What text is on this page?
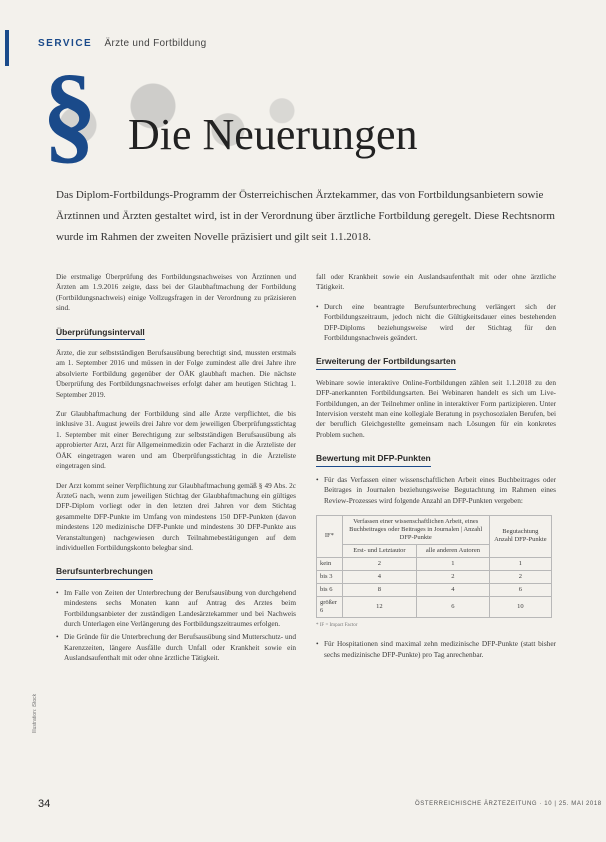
SERVICE Ärzte und Fortbildung
§ Die Neuerungen

Das Diplom-Fortbildungs-Programm der Österreichischen Ärztekammer, das von Fortbildungsanbietern sowie Ärztinnen und Ärzten gestaltet wird, ist in der Verordnung über ärztliche Fortbildung geregelt. Diese Rechtsnorm wurde im Rahmen der zweiten Novelle präzisiert und gilt seit 1.1.2018.

Die erstmalige Überprüfung des Fortbildungsnachweises von Ärztinnen und Ärzten am 1.9.2016 zeigte, dass bei der Glaubhaftmachung der Fortbildung (Fortbildungsnachweis) einige Vollzugsfragen in der Verordnung zu präzisieren sind.

Überprüfungsintervall

Ärzte, die zur selbstständigen Berufsausübung berechtigt sind, mussten erstmals am 1. September 2016 und müssen in der Folge zumindest alle drei Jahre ihre absolvierte Fortbildung gegenüber der ÖÄK glaubhaft machen. Die nächste Überprüfung des Fortbildungsnachweises erfolgt daher am heutigen Stichtag 1. September 2019.

Zur Glaubhaftmachung der Fortbildung sind alle Ärzte verpflichtet, die bis inklusive 31. August jeweils drei Jahre vor dem jeweiligen Überprüfungsstichtag 1. September mit einer Berechtigung zur selbstständigen Berufsausübung als approbierter Arzt, Arzt für Allgemeinmedizin oder Facharzt in die Ärzteliste der ÖÄK eingetragen waren und am Überprüfungsstichtag in die Ärzteliste eingetragen sind.

Der Arzt kommt seiner Verpflichtung zur Glaubhaftmachung gemäß § 49 Abs. 2c ÄrzteG nach, wenn zum jeweiligen Stichtag der Glaubhaftmachung ein gültiges DFP-Diplom vorliegt oder in den letzten drei Jahren vor dem Stichtag gesammelte DFP-Punkte im Umfang von mindestens 150 DFP-Punkten (davon mindestens 120 medizinische DFP-Punkte und mindestens 30 DFP-Punkte aus Veranstaltungen) nachgewiesen durch Teilnahmebestätigungen auf dem individuellen Fortbildungskonto belegbar sind.

Berufsunterbrechungen
• Im Falle von Zeiten der Unterbrechung der Berufsausübung von durchgehend mindestens sechs Monaten kann auf Antrag des Arztes beim Fortbildungsanbieter der zuständigen Landesärztekammer und bei Nachweis durch Unterlagen eine Verlängerung des Fortbildungszeitraumes erfolgen.
• Die Gründe für die Unterbrechung der Berufsausübung sind Mutterschutz- und Karenzzeiten, längere Ausfälle durch Unfall oder Krankheit sowie ein Auslandsaufenthalt mit oder ohne ärztliche Tätigkeit.
fall oder Krankheit sowie ein Auslandsaufenthalt mit oder ohne ärztliche Tätigkeit.
• Durch eine beantragte Berufsunterbrechung verlängert sich der Fortbildungszeitraum, jedoch nicht die Gültigkeitsdauer eines bestehenden DFP-Diploms beziehungsweise wird der Stichtag für den Fortbildungsnachweis geändert.
Erweiterung der Fortbildungsarten

Webinare sowie interaktive Online-Fortbildungen zählen seit 1.1.2018 zu den DFP-anerkannten Fortbildungsarten. Bei Webinaren handelt es sich um Live-Fortbildungen, an der Teilnehmer online in interaktiver Form partizipieren. Unter Intervision versteht man eine kollegiale Beratung in psychosozialen Berufen, bei der beruflich Gleichgestellte gemeinsam nach Lösungen für ein konkretes Problem suchen.

Bewertung mit DFP-Punkten
• Für das Verfassen einer wissenschaftlichen Arbeit eines Buchbeitrages oder Beitrages in Journalen beziehungsweise Begutachtung im Rahmen eines Review-Prozesses wird folgende Anzahl an DFP-Punkten vergeben:
IF*	Verfassen einer wissenschaftlichen Arbeit, eines Buchbeitrages oder Beitrages in Journalen | Anzahl DFP-Punkte		Begutachtung Anzahl DFP-Punkte
	Erst- und Letztautor	alle anderen Autoren	
kein	2	1	1
bis 3	4	2	2
bis 6	8	4	6
größer 6	12	6	10
* IF = Impact Factor
• Für Hospitationen sind maximal zehn medizinische DFP-Punkte (statt bisher sechs medizinische DFP-Punkte) pro Tag anrechenbar.
Illustration: iStock
34	ÖSTERREICHISCHE ÄRZTEZEITUNG · 10 | 25. MAI 2018
